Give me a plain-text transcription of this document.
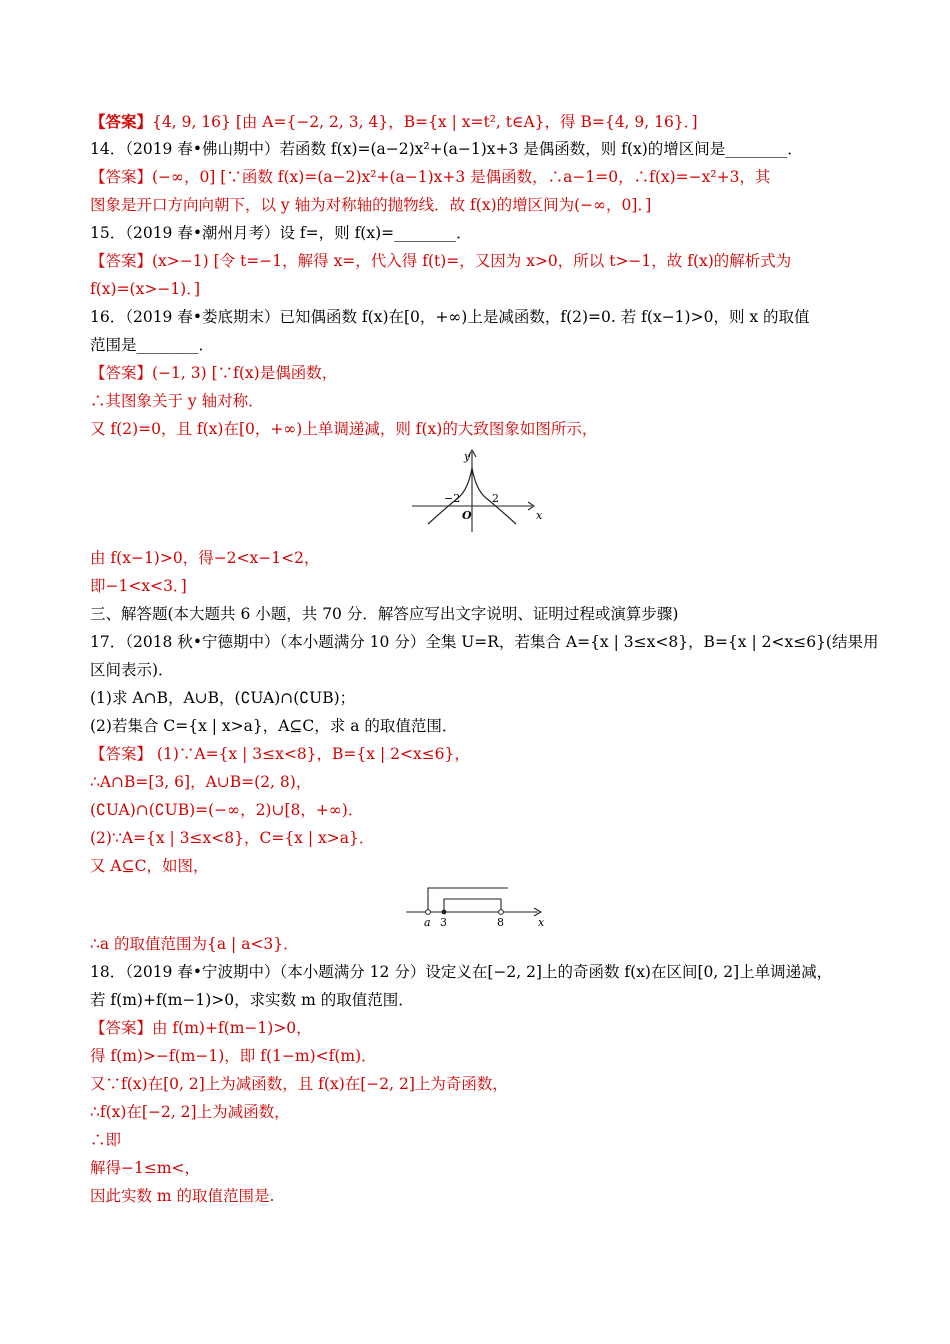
【答案】{4, 9, 16} [由 A={−2, 2, 3, 4}，B={x | x=t², t∈A}，得 B={4, 9, 16}．]
14．（2019 春•佛山期中）若函数 f(x)=(a−2)x²+(a−1)x+3 是偶函数，则 f(x)的增区间是________．
【答案】(−∞，0] [∵函数 f(x)=(a−2)x²+(a−1)x+3 是偶函数，∴a−1=0，∴f(x)=−x²+3，其
图象是开口方向向朝下，以 y 轴为对称轴的抛物线．故 f(x)的增区间为(−∞，0]．]
15．（2019 春•潮州月考）设 f=，则 f(x)=________．
【答案】(x>−1) [令 t=−1，解得 x=，代入得 f(t)=，又因为 x>0，所以 t>−1，故 f(x)的解析式为
f(x)=(x>−1)．]
16．（2019 春•娄底期末）已知偶函数 f(x)在[0，+∞)上是减函数，f(2)=0. 若 f(x−1)>0，则 x 的取值
范围是________．
【答案】(−1, 3) [∵f(x)是偶函数，
∴其图象关于 y 轴对称．
又 f(2)=0，且 f(x)在[0，+∞)上单调递减，则 f(x)的大致图象如图所示，
y
x
−2	2
O
由 f(x−1)>0，得−2<x−1<2，
即−1<x<3．]
三、解答题(本大题共 6 小题，共 70 分．解答应写出文字说明、证明过程或演算步骤)
17．（2018 秋•宁德期中）（本小题满分 10 分）全集 U=R，若集合 A={x | 3≤x<8}，B={x | 2<x≤6}(结果用
区间表示)．
(1)求 A∩B，A∪B，(∁UA)∩(∁UB)；
(2)若集合 C={x | x>a}，A⊆C，求 a 的取值范围．
【答案】 (1)∵A={x | 3≤x<8}，B={x | 2<x≤6}，
∴A∩B=[3, 6]，A∪B=(2, 8)，
(∁UA)∩(∁UB)=(−∞，2)∪[8，+∞)．
(2)∵A={x | 3≤x<8}，C={x | x>a}．
又 A⊆C，如图，
a 3	8	x
∴a 的取值范围为{a | a<3}．
18．（2019 春•宁波期中）（本小题满分 12 分）设定义在[−2, 2]上的奇函数 f(x)在区间[0, 2]上单调递减，
若 f(m)+f(m−1)>0，求实数 m 的取值范围．
【答案】由 f(m)+f(m−1)>0，
得 f(m)>−f(m−1)，即 f(1−m)<f(m)．
又∵f(x)在[0, 2]上为减函数，且 f(x)在[−2, 2]上为奇函数，
∴f(x)在[−2, 2]上为减函数，
∴即
解得−1≤m<，
因此实数 m 的取值范围是.
